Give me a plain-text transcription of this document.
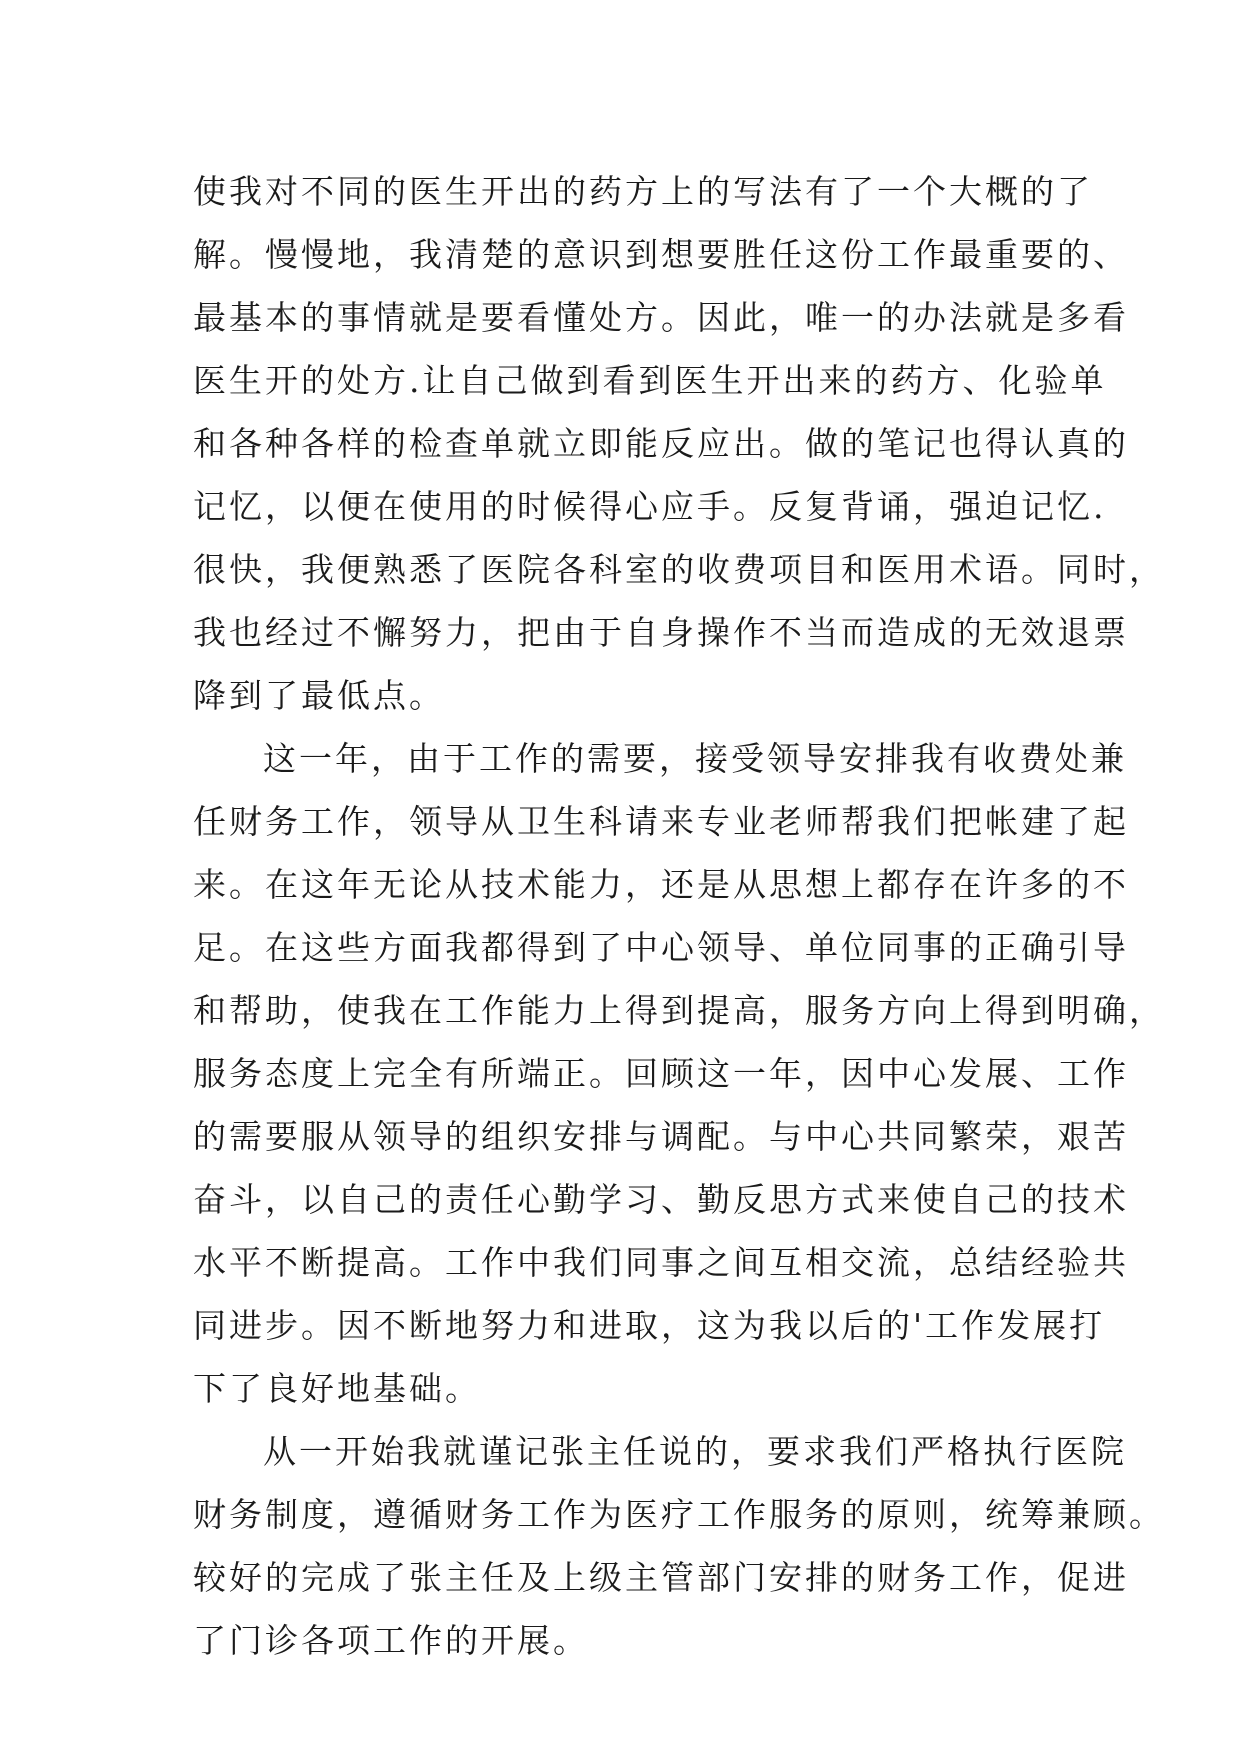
使我对不同的医生开出的药方上的写法有了一个大概的了
解。慢慢地，我清楚的意识到想要胜任这份工作最重要的、
最基本的事情就是要看懂处方。因此，唯一的办法就是多看
医生开的处方.让自己做到看到医生开出来的药方、化验单
和各种各样的检查单就立即能反应出。做的笔记也得认真的
记忆，以便在使用的时候得心应手。反复背诵，强迫记忆.
很快，我便熟悉了医院各科室的收费项目和医用术语。同时，
我也经过不懈努力，把由于自身操作不当而造成的无效退票
降到了最低点。
这一年，由于工作的需要，接受领导安排我有收费处兼
任财务工作，领导从卫生科请来专业老师帮我们把帐建了起
来。在这年无论从技术能力，还是从思想上都存在许多的不
足。在这些方面我都得到了中心领导、单位同事的正确引导
和帮助，使我在工作能力上得到提高，服务方向上得到明确，
服务态度上完全有所端正。回顾这一年，因中心发展、工作
的需要服从领导的组织安排与调配。与中心共同繁荣，艰苦
奋斗，以自己的责任心勤学习、勤反思方式来使自己的技术
水平不断提高。工作中我们同事之间互相交流，总结经验共
同进步。因不断地努力和进取，这为我以后的'工作发展打
下了良好地基础。
从一开始我就谨记张主任说的，要求我们严格执行医院
财务制度，遵循财务工作为医疗工作服务的原则，统筹兼顾。
较好的完成了张主任及上级主管部门安排的财务工作，促进
了门诊各项工作的开展。
